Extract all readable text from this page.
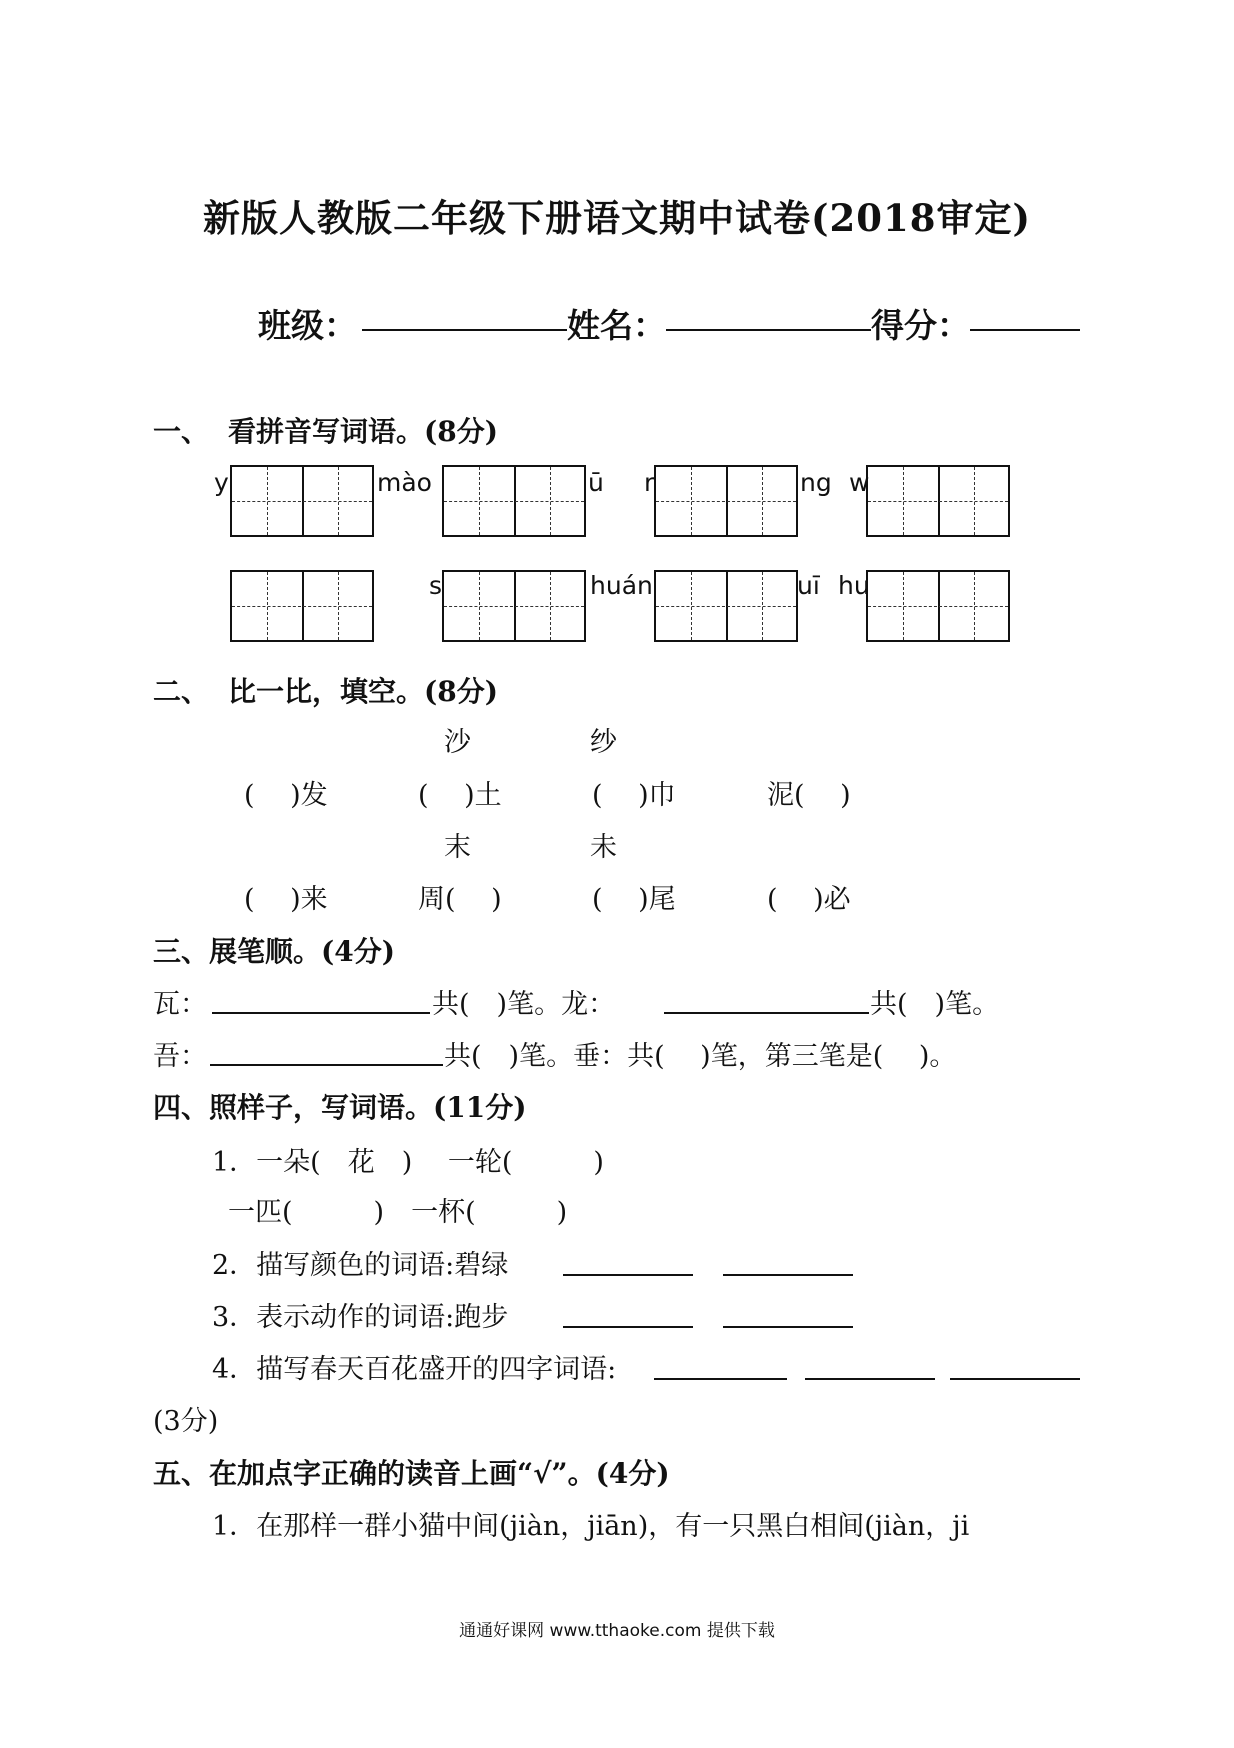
新版人教版二年级下册语文期中试卷(2018审定)
班级：	姓名：	得分：
一、 看拼音写词语。(8分)
y	mào	ū r	ng w
s	huán	uī hu
二、 比一比，填空。(8分)
沙	纱
(　 )发	(　 )土	(　 )巾	泥(　 )
末	未
(　 )来	周(　 )	(　 )尾	(　 )必
三、展笔顺。(4分)
瓦：	共(　)笔。龙：	共(　)笔。
吾：	共(　)笔。垂：共(　 )笔，第三笔是(　 )。
四、照样子，写词语。(11分)
1．一朵(　花　)　 一轮(　　　)
一匹(　　　)　一杯(　　　)
2．描写颜色的词语:碧绿
3．表示动作的词语:跑步
4．描写春天百花盛开的四字词语:
(3分)
五、在加点字正确的读音上画“√”。(4分)
1．在那样一群小猫中间(jiàn，jiān)，有一只黑白相间(jiàn，ji
通通好课网 www.tthaoke.com 提供下载
